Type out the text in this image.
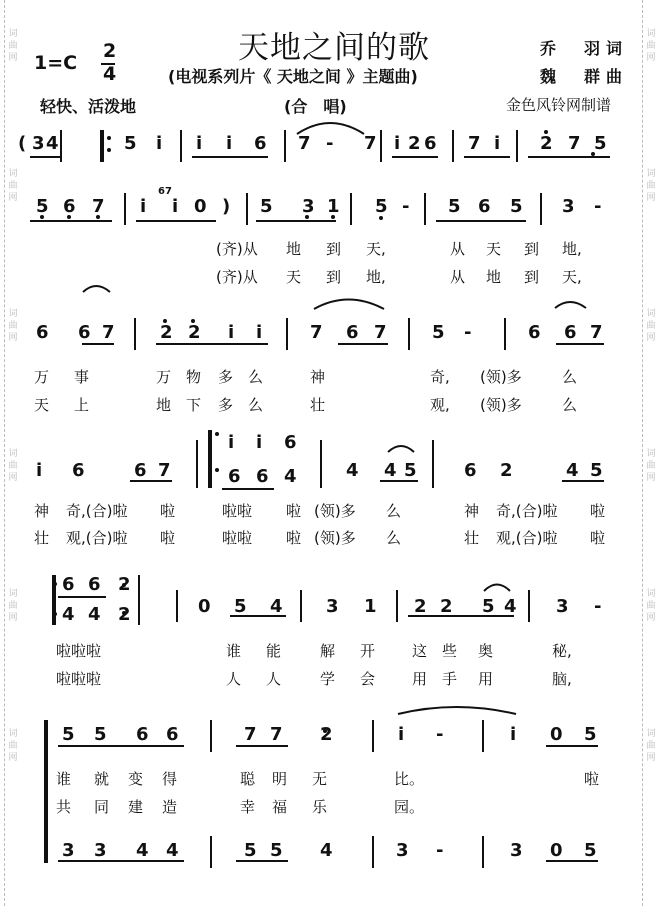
词曲网
词曲网
词曲网
词曲网
词曲网
词曲网
词曲网
词曲网
词曲网
词曲网
词曲网
词曲网
天地之间的歌
(电视系列片《 天地之间 》主题曲)
1=C
2
4
乔　羽词
魏　群曲
轻快、活泼地	(合　唱)	金色风铃网制谱
( 3 4	5 i i i 6 7 - 7 i 2 6 7 i 2 7 5
5 6 7 i
67
i 0 ) 5 3 1 5 - 5 6 5 3 -
(齐)从 地 到 天,	从 天 到 地,
(齐)从 天 到 地,	从 地 到 天,
6 6 7	2 2 i i	7 6 7	5 -	6 6 7
万 事	万 物 多 么	神	奇, (领)多	么
天 上	地 下 多 么	壮	观, (领)多	么
i 6	6 7
i i 6
6 6 4	4 4 5	6 2	4 5
神 奇,(合)啦 啦	啦啦 啦 (领)多 么	神 奇,(合)啦 啦
壮 观,(合)啦 啦	啦啦 啦 (领)多 么	壮 观,(合)啦 啦
6 6 2
4 4 2	0 5 4 3 1 2 2 5 4 3 -
啦啦啦	谁 能	解 开 这 些 奥	秘,
啦啦啦	人 人	学 会 用 手 用	脑,
5 5 6 6	7 7 2	i -	i 0 5
3 3 4 4	5 5 4	3 -	3 0 5
谁 就 变 得	聪 明 无	比。	啦
共 同 建 造	幸 福 乐	园。
